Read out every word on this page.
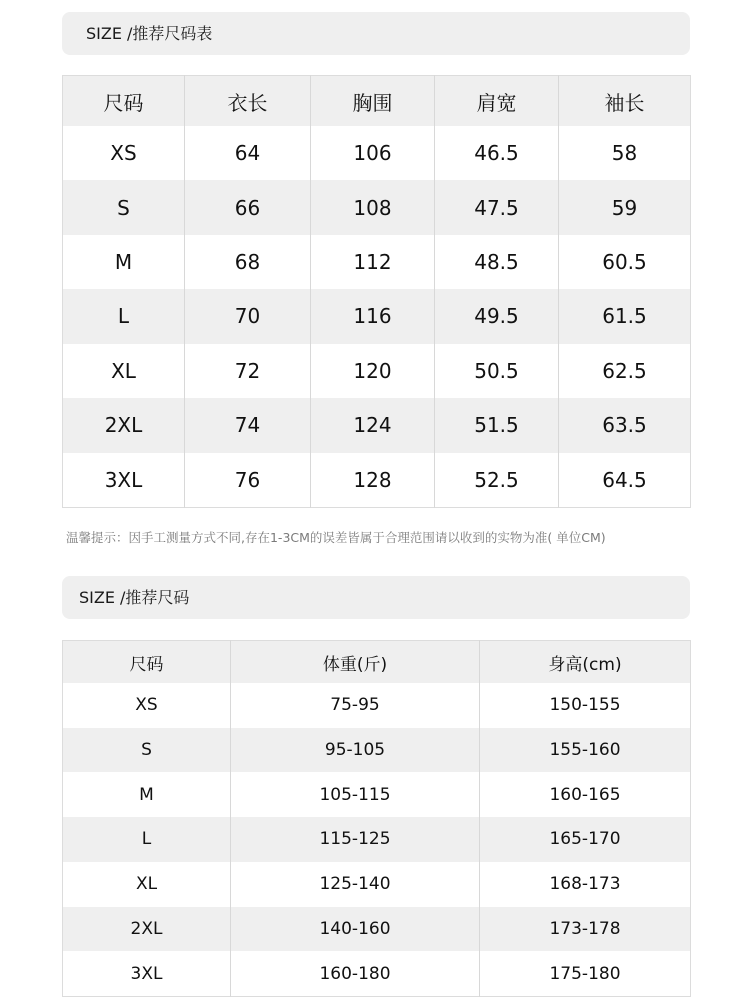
SIZE /推荐尺码表
尺码	衣长	胸围	肩宽	袖长
XS	64	106	46.5	58
S	66	108	47.5	59
M	68	112	48.5	60.5
L	70	116	49.5	61.5
XL	72	120	50.5	62.5
2XL	74	124	51.5	63.5
3XL	76	128	52.5	64.5
温馨提示：因手工测量方式不同,存在1-3CM的误差皆属于合理范围请以收到的实物为准( 单位CM)
SIZE /推荐尺码
尺码	体重(斤)	身高(cm)
XS	75-95	150-155
S	95-105	155-160
M	105-115	160-165
L	115-125	165-170
XL	125-140	168-173
2XL	140-160	173-178
3XL	160-180	175-180
